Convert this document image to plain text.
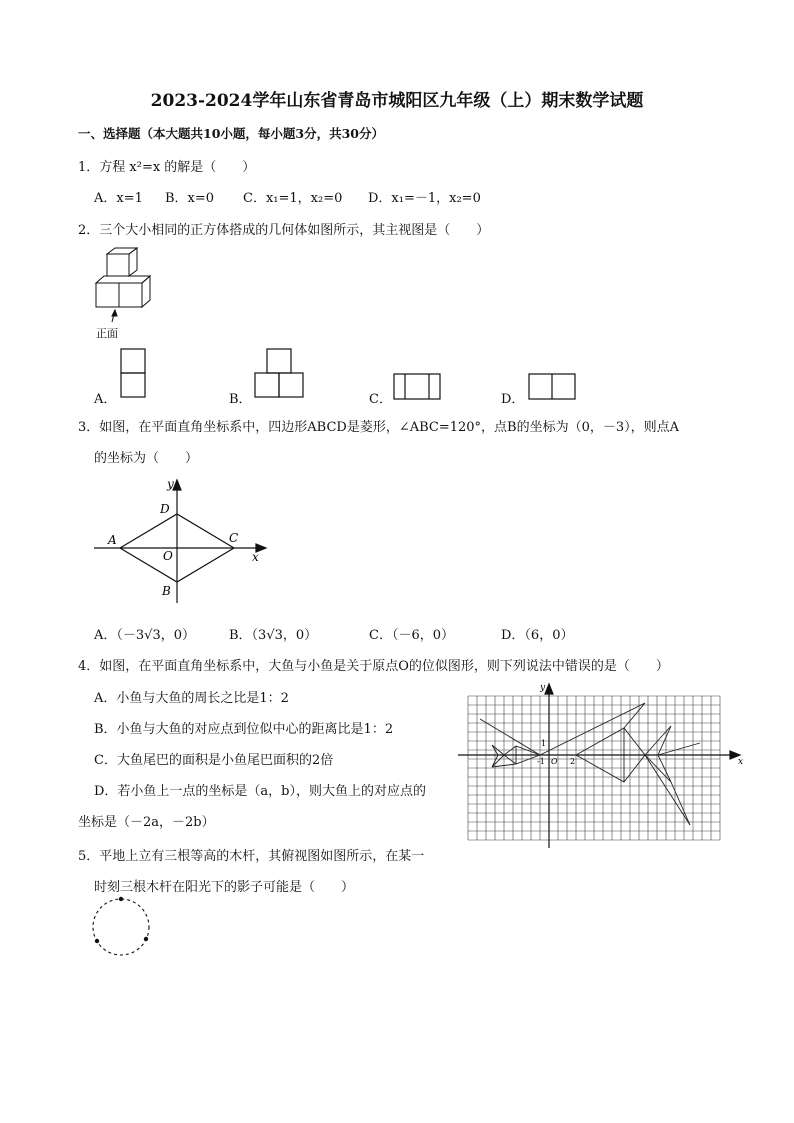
2023-2024学年山东省青岛市城阳区九年级（上）期末数学试题
一、选择题（本大题共10小题，每小题3分，共30分）
1．方程 x²=x 的解是（　　）
A．x=1 B．x=0 C．x₁=1，x₂=0 D．x₁=－1，x₂=0
2．三个大小相同的正方体搭成的几何体如图所示，其主视图是（　　）
正面
A．	B．	C．	D．
3．如图，在平面直角坐标系中，四边形ABCD是菱形，∠ABC=120°，点B的坐标为（0，－3），则点A
的坐标为（　　）
y
x
A
B
C
D
O
A．（－3√3，0）	B．（3√3，0）	C．（－6，0）	D．（6，0）
4．如图，在平面直角坐标系中，大鱼与小鱼是关于原点O的位似图形，则下列说法中错误的是（　　）
A．小鱼与大鱼的周长之比是1：2
B．小鱼与大鱼的对应点到位似中心的距离比是1：2
C．大鱼尾巴的面积是小鱼尾巴面积的2倍
D．若小鱼上一点的坐标是（a，b），则大鱼上的对应点的
坐标是（－2a，－2b）
y
x
1
-1 O 2
5．平地上立有三根等高的木杆，其俯视图如图所示，在某一
时刻三根木杆在阳光下的影子可能是（　　）
